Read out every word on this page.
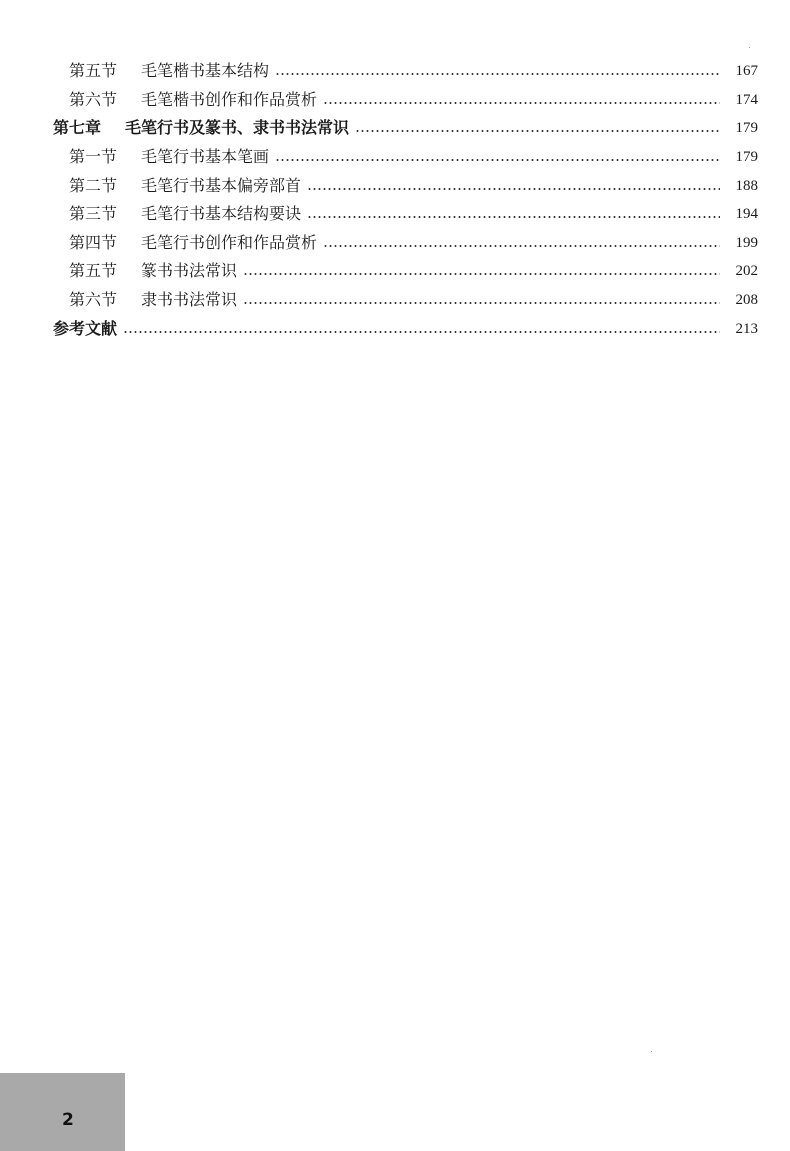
第五节	毛笔楷书基本结构	167
第六节	毛笔楷书创作和作品赏析	174
第七章	毛笔行书及篆书、隶书书法常识	179
第一节	毛笔行书基本笔画	179
第二节	毛笔行书基本偏旁部首	188
第三节	毛笔行书基本结构要诀	194
第四节	毛笔行书创作和作品赏析	199
第五节	篆书书法常识	202
第六节	隶书书法常识	208
参考文献	213
2
